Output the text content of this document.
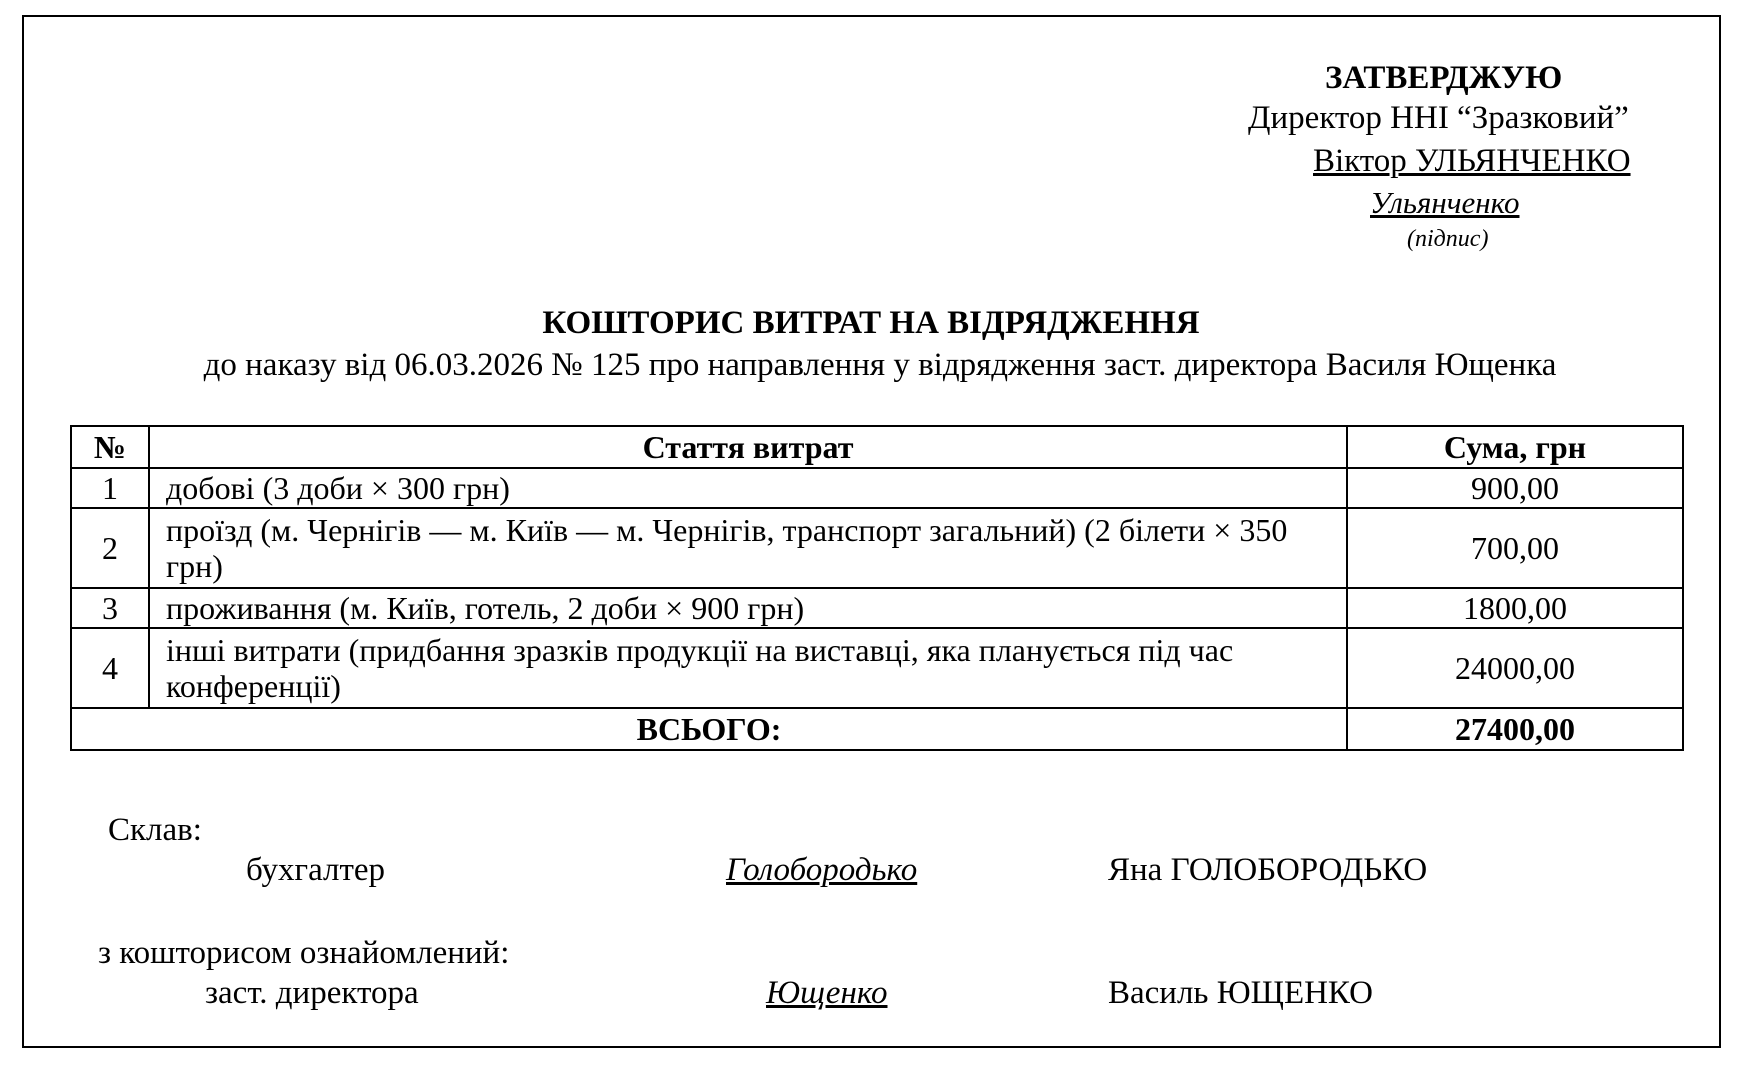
ЗАТВЕРДЖУЮ
Директор ННІ “Зразковий”
Віктор УЛЬЯНЧЕНКО
Ульянченко
(підпис)
КОШТОРИС ВИТРАТ НА ВІДРЯДЖЕННЯ
до наказу від 06.03.2026 № 125 про направлення у відрядження заст. директора Василя Ющенка
№	Стаття витрат	Сума, грн
1	добові (3 доби × 300 грн)	900,00
2	проїзд (м. Чернігів — м. Київ — м. Чернігів, транспорт загальний) (2 білети × 350 грн)	700,00
3	проживання (м. Київ, готель, 2 доби × 900 грн)	1800,00
4	інші витрати (придбання зразків продукції на виставці, яка планується під час конференції)	24000,00
ВСЬОГО:		27400,00
Склав:
бухгалтер	Голобородько	Яна ГОЛОБОРОДЬКО
з кошторисом ознайомлений:
заст. директора	Ющенко	Василь ЮЩЕНКО
